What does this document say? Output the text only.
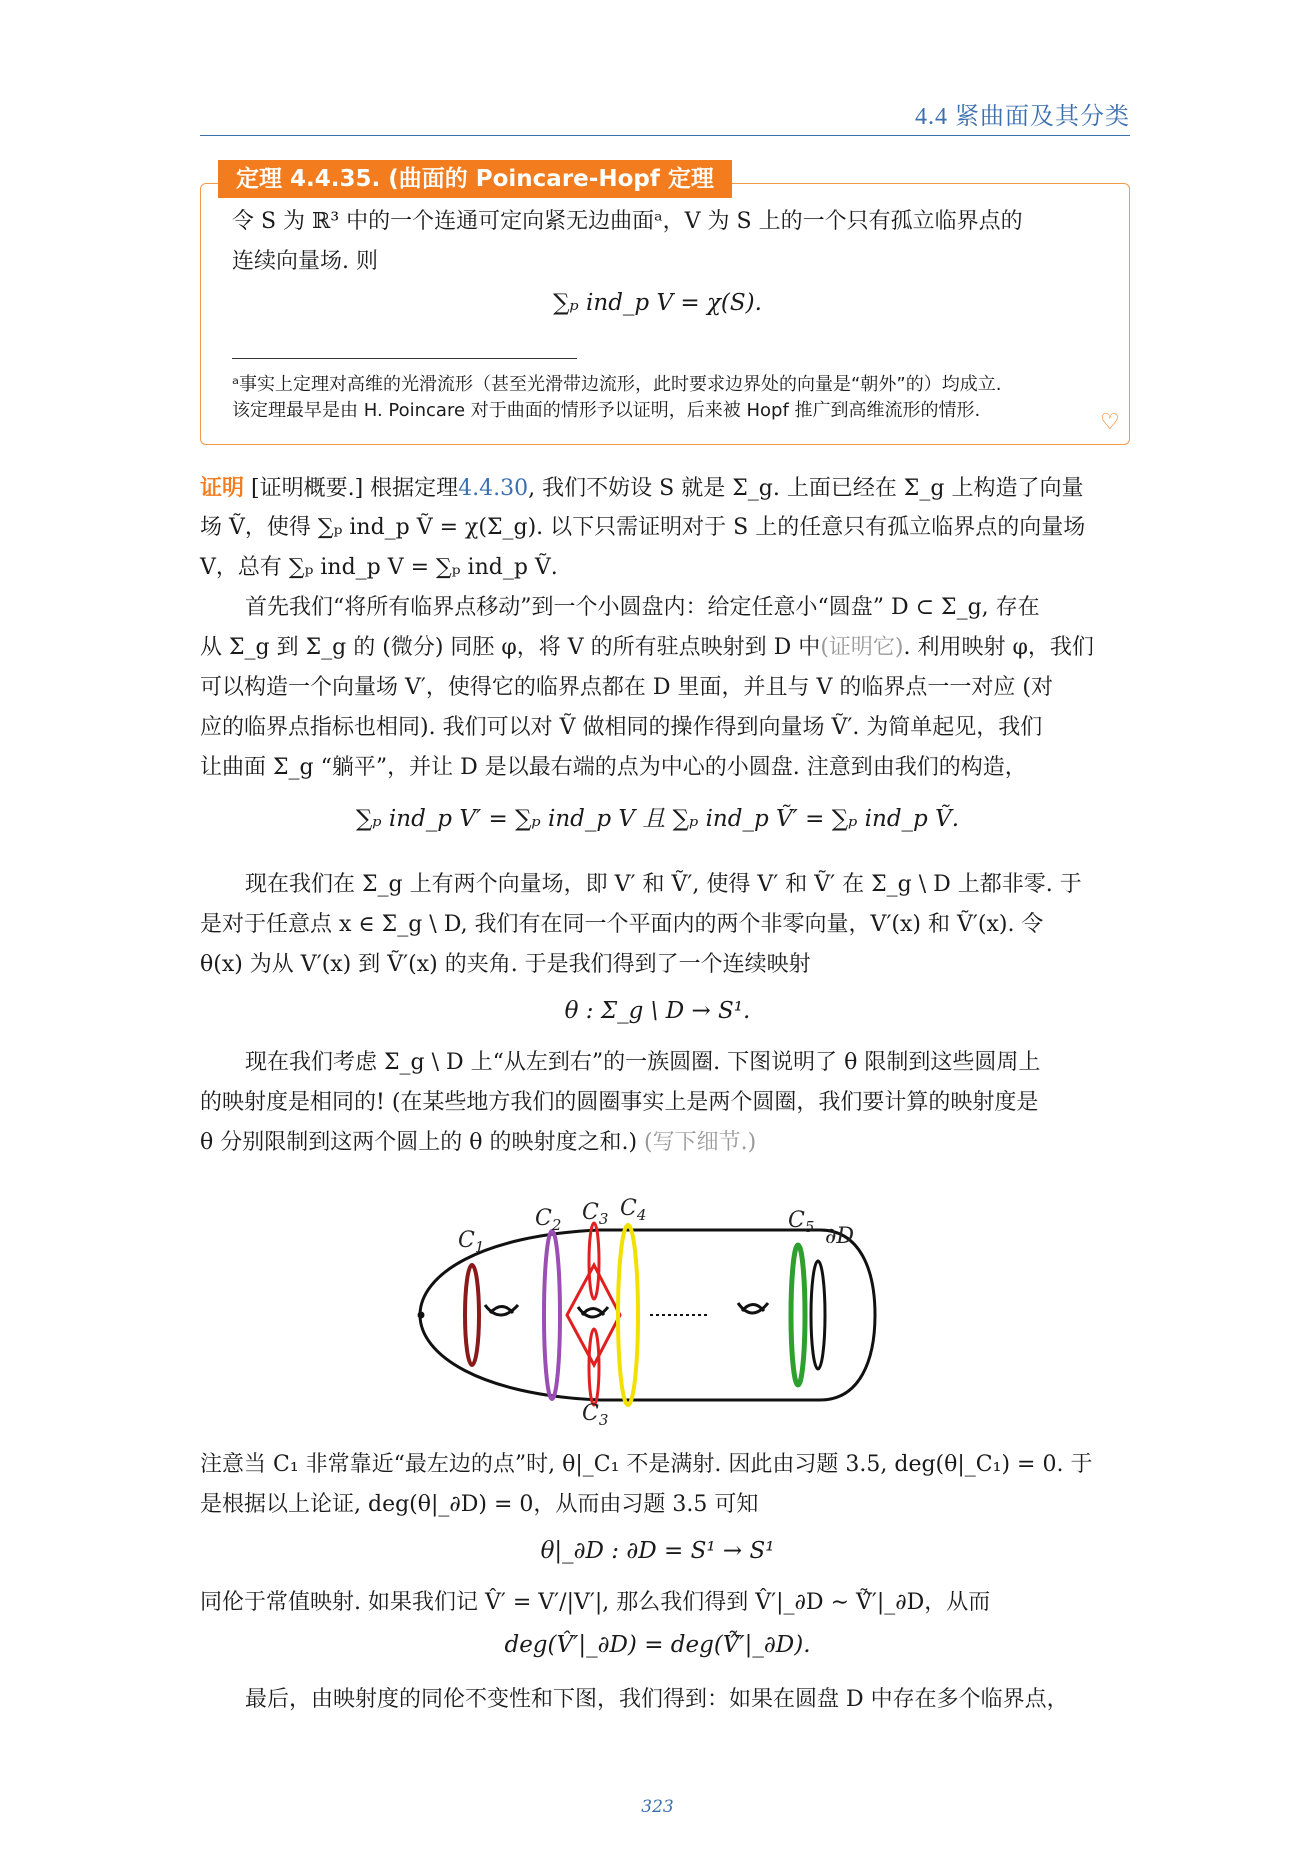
4.4 紧曲面及其分类
定理 4.4.35. (曲面的 Poincare-Hopf 定理
令 S 为 ℝ³ 中的一个连通可定向紧无边曲面ᵃ，V 为 S 上的一个只有孤立临界点的
连续向量场. 则
∑ₚ ind_p V = χ(S).
ᵃ事实上定理对高维的光滑流形（甚至光滑带边流形，此时要求边界处的向量是“朝外”的）均成立.
该定理最早是由 H. Poincare 对于曲面的情形予以证明，后来被 Hopf 推广到高维流形的情形.	♡
证明 [证明概要.] 根据定理4.4.30, 我们不妨设 S 就是 Σ_g. 上面已经在 Σ_g 上构造了向量
场 Ṽ，使得 ∑ₚ ind_p Ṽ = χ(Σ_g). 以下只需证明对于 S 上的任意只有孤立临界点的向量场
V，总有 ∑ₚ ind_p V = ∑ₚ ind_p Ṽ.
首先我们“将所有临界点移动”到一个小圆盘内：给定任意小“圆盘” D ⊂ Σ_g, 存在
从 Σ_g 到 Σ_g 的 (微分) 同胚 φ，将 V 的所有驻点映射到 D 中(证明它). 利用映射 φ，我们
可以构造一个向量场 V′，使得它的临界点都在 D 里面，并且与 V 的临界点一一对应 (对
应的临界点指标也相同). 我们可以对 Ṽ 做相同的操作得到向量场 Ṽ′. 为简单起见，我们
让曲面 Σ_g “躺平”，并让 D 是以最右端的点为中心的小圆盘. 注意到由我们的构造，
∑ₚ ind_p V′ = ∑ₚ ind_p V 且 ∑ₚ ind_p Ṽ′ = ∑ₚ ind_p Ṽ.
现在我们在 Σ_g 上有两个向量场，即 V′ 和 Ṽ′, 使得 V′ 和 Ṽ′ 在 Σ_g \ D 上都非零. 于
是对于任意点 x ∈ Σ_g \ D, 我们有在同一个平面内的两个非零向量，V′(x) 和 Ṽ′(x). 令
θ(x) 为从 V′(x) 到 Ṽ′(x) 的夹角. 于是我们得到了一个连续映射
θ : Σ_g \ D → S¹.
现在我们考虑 Σ_g \ D 上“从左到右”的一族圆圈. 下图说明了 θ 限制到这些圆周上
的映射度是相同的! (在某些地方我们的圆圈事实上是两个圆圈，我们要计算的映射度是
θ 分别限制到这两个圆上的 θ 的映射度之和.) (写下细节.)
$C_1$
$C_2$ $C_3$ $C_4$	$C_5$ ∂D
$C_3$
注意当 C₁ 非常靠近“最左边的点”时, θ|_C₁ 不是满射. 因此由习题 3.5, deg(θ|_C₁) = 0. 于
是根据以上论证, deg(θ|_∂D) = 0，从而由习题 3.5 可知
θ|_∂D : ∂D = S¹ → S¹
同伦于常值映射. 如果我们记 V̂′ = V′/|V′|, 那么我们得到 V̂′|_∂D ∼ Ṽ̂′|_∂D，从而
deg(V̂′|_∂D) = deg(Ṽ̂′|_∂D).
最后，由映射度的同伦不变性和下图，我们得到：如果在圆盘 D 中存在多个临界点，
323
